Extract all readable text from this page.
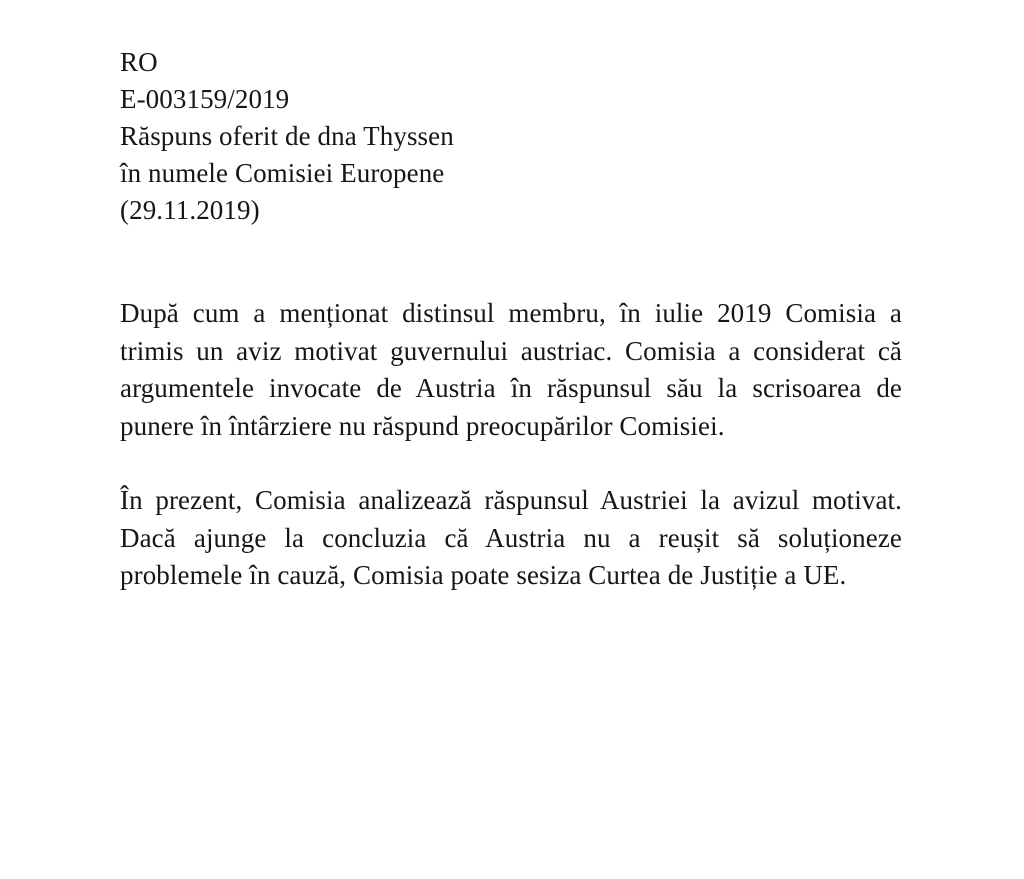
RO
E-003159/2019
Răspuns oferit de dna Thyssen
în numele Comisiei Europene
(29.11.2019)

După cum a menționat distinsul membru, în iulie 2019 Comisia a trimis un aviz motivat guvernului austriac. Comisia a considerat că argumentele invocate de Austria în răspunsul său la scrisoarea de punere în întârziere nu răspund preocupărilor Comisiei.

În prezent, Comisia analizează răspunsul Austriei la avizul motivat. Dacă ajunge la concluzia că Austria nu a reușit să soluționeze problemele în cauză, Comisia poate sesiza Curtea de Justiție a UE.
